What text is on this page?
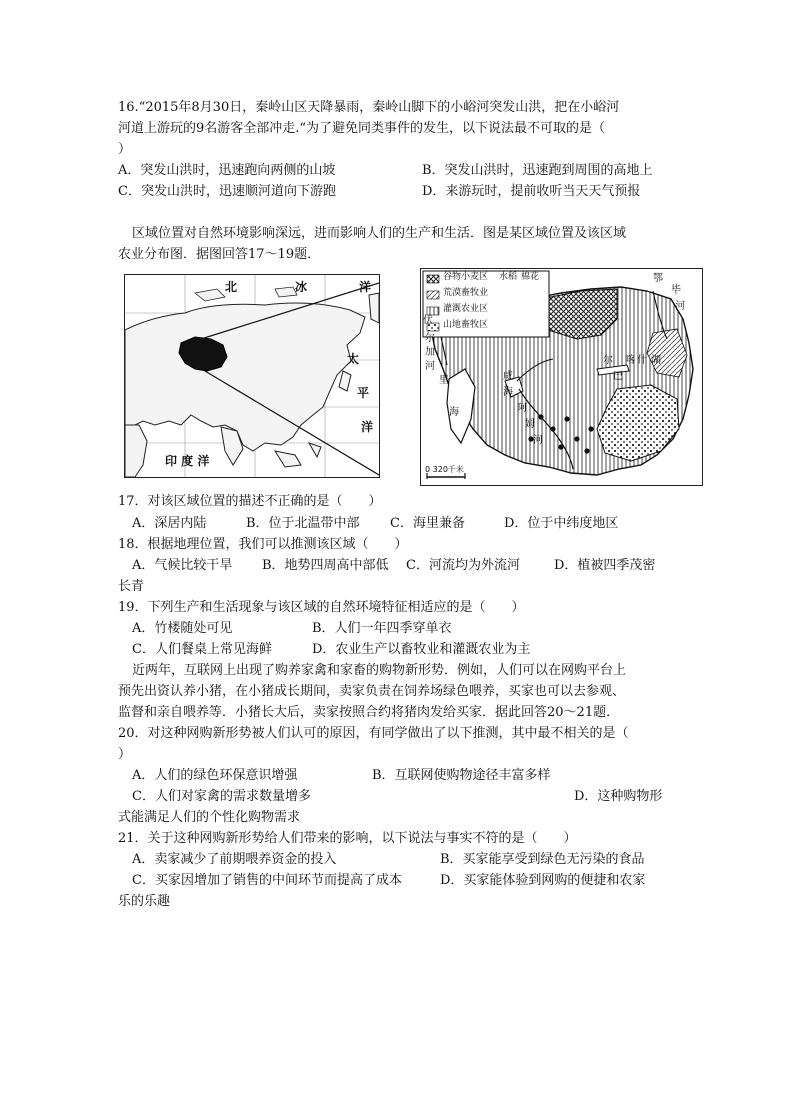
16.“2015年8月30日，秦岭山区天降暴雨，秦岭山脚下的小峪河突发山洪，把在小峪河
河道上游玩的9名游客全部冲走.“为了避免同类事件的发生，以下说法最不可取的是（
）
A．突发山洪时，迅速跑向两侧的山坡	B．突发山洪时，迅速跑到周围的高地上
C．突发山洪时，迅速顺河道向下游跑	D．来游玩时，提前收听当天天气预报
区域位置对自然环境影响深远，进而影响人们的生产和生活．图是某区域位置及该区域
农业分布图．据图回答17～19题．
北	冰	洋
太
平
洋
印 度 洋
谷物小麦区 水稻 棉花
荒漠畜牧业
灌溉农业区
山地畜牧区
鄂
毕
河
伏
尔
加
河
里
海
咸
海
阿
姆
河
巴
尔 喀 什 湖
0 320千米
17．对该区域位置的描述不正确的是（　　）
A．深居内陆	B．位于北温带中部 C．海里兼备	D．位于中纬度地区
18．根据地理位置，我们可以推测该区域（　　）
A．气候比较干旱 B．地势四周高中部低 C．河流均为外流河	D．植被四季茂密
长青
19．下列生产和生活现象与该区域的自然环境特征相适应的是（　　）
A．竹楼随处可见	B．人们一年四季穿单衣
C．人们餐桌上常见海鲜	D．农业生产以畜牧业和灌溉农业为主
近两年，互联网上出现了购养家禽和家畜的购物新形势．例如，人们可以在网购平台上
预先出资认养小猪，在小猪成长期间，卖家负责在饲养场绿色喂养，买家也可以去参观、
监督和亲自喂养等．小猪长大后，卖家按照合约将猪肉发给买家．据此回答20～21题．
20．对这种网购新形势被人们认可的原因，有同学做出了以下推测，其中最不相关的是（
）
A．人们的绿色环保意识增强	B．互联网使购物途径丰富多样
C．人们对家禽的需求数量增多	D．这种购物形
式能满足人们的个性化购物需求
21．关于这种网购新形势给人们带来的影响，以下说法与事实不符的是（　　）
A．卖家减少了前期喂养资金的投入	B．买家能享受到绿色无污染的食品
C．买家因增加了销售的中间环节而提高了成本	D．买家能体验到网购的便捷和农家
乐的乐趣
